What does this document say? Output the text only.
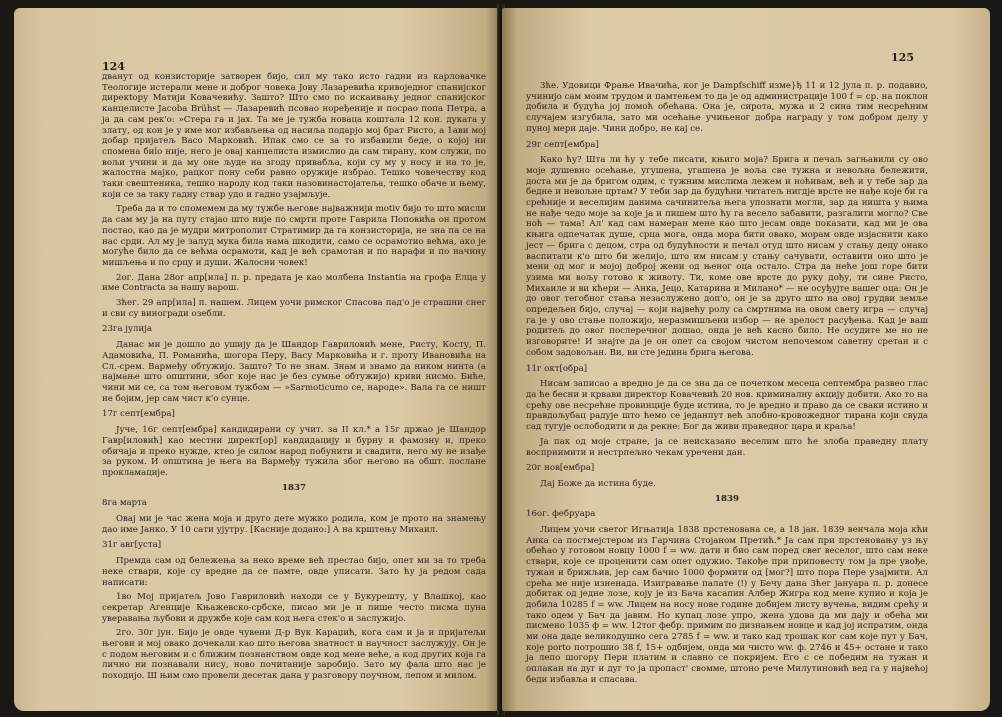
124

дванут од конзисторије затворен бијо, сил му тако исто гадни из карловачке Теологије истерали мене и доброг човека Јову Лазаревића кривоједног спанијског дирекtору Матији Ковачевићу. Зашто? Што смо по искаивању једног спанијског канцелисте Jacoba Brühst — Лазаревић псовао ноређеније и посрао попа Петра, а ја да сам рек'о: »Стера га и јах. Та ме је тужба новаца коштала 12 кон. дуката у злату, од кон је у име мог избављења од насиља подарјо мој брат Ристо, а 1ави мој добар пријатељ Васо Марковић. Ипак смо се за то избавили беде, о којој ни спомена биlo није, него је овај канцелиста измислио да сам тирану, ком служи, по вољи учини и да му оне људе на згоду привабља, који су му у носу и на то је, жалостна мајко, рацког пону себи равно оружије избрао. Тешко човечеству код таки свештеника, тешко народу код таки назовинастојатеља, тешко обаче и њему, који се за таку гадну ствар удо и гадно узајмљује.

Треба да и то спомемем да му тужбе његове најважнији motiv бијо то што мисли да сам му ја на путу стајао што није по смрти проте Гаврила Поповића он протом постао, као да је мудри митрополит Стратимир да га конзисторија, не зна па се на нас срди. Ал му је залуд мука била нама шкодити, само се осрамотио већма, ако је могуће било да се већма осрамоти, кад је већ срамотан и по нарафи и по начину мишљења и по срцу и души. Жалосни човек!

2ог. Дана 28ог апр[ила] п. р. предата је као молбена Instantia на грофа Елца у име Contracta за нашу варош.

3ћег. 29 апр[ила] п. нашем. Лицем уочи римског Спасова пад'о је страшни снег и сви су виногради озебли.

23га јулија

Данас ми је дошло до ушију да је Шандор Гавриловић мене, Ристу, Косту, П. Адамовића, П. Романића, шогора Перу, Васу Марковића и г. проту Ивановића на Сл.-срем. Вармеђу обтужијо. Зашто? То не знам. Знам и знамо да ником нинта (а најмање што општини, због које нас је без сумње обтужијо) криви нисмо. Биће, чини ми се, са том његовом тужбом — »Sarmoticumo се, народе». Вала га се ништ не бојим, јер сам чист к'о сунце.

17г септ[ембра]

Јуче, 16г септ[ембра] кандидирани су учит. за II кл.* а 15г држао је Шандор Гавр[иловић] као местни директ[ор] кандидацију и бурну и фамозну и, преко обичаја и преко нужде, ктео је силом народ побунити и свадити, него му не изађе за руком. И општина је њега на Вармеђу тужила због његово на обшт. послане прокламације.

1837

8га марта

Овај ми је час жена моја и друго дете мужко родила, ком је прото на знамењу дао име Јанко. У 10 сати ујутру. [Касније додано:] А на крштењу Михаил.

31г авг[уста]

Премда сам од бележења за нeко време већ престао бијо, опет ми за то треба неке ствари, које су вредне да се памте, овде уписати. Зато ћу ја редом сада написати:

1во Мој пријатељ Јово Гавриловић находи се у Букурешту, у Влашкој, као секретар Агенције Књажевско-србске, писао ми је и пише често писма пуна уверавања љубови и дружбе које сам код њега стек'о и заслужијо.

2го. 30г јун. Бијо је овде чувени Д-р Вук Караџић, кога сам и ја и пријатељи његови и мој овако дочекали као што његова знатност и научност заслужују. Он је с подом његовим и с ближим познанством овде код мене веће, а код других која га лично ни познавали нису, ново почитаније заробијо. Зато му фала што нас је походијо. Ш њим смо провели десетак дана у разговору поучном, лепом и милом.

125

3ће. Удовици Фрање Ивачића, ког је Dampfschiff изме}ђ 11 и 12 јула п. р. подавио, учинијо сам моим трудом и памтењем то да је од администрације 100 f = ср. на поклон добила и будућа јој помоћ обећана. Она је, сирота, мужа и 2 сина тим несрећним случајем изгубила, зато ми осећање учињеног добра награду у том добром делу у пуној мери даје. Чини добро, не кај се.

29г септ[ембра]

Како ћу? Шта ли ћу у тебе писати, књиго моја? Брига и печаљ загњавили су ово моје душевно осећање, угушена, угашена је воља све тужна и невољна бележити, доста ми је да бригом одим, с тужним мислима лежем и ноћивам, већ и у тебе зар да бедне и невољне цртам? У теби зар да будућни читатељ нигдје врсте не нађе које би га срећније и веселијим данима сачинитеља њега упознати могли, зар да ништа у њима не нађе чедо моје за које ја и пишем што ћу га весело забавити, разгалити могло? Све ноћ — тама! Ал' кад сам намеран мене као што јесам овде показати, кад ми је ова књига одпечатак душе, срца мога, онда мора бити овако, морам овде изјаснити како јест — брига с децом, стра од будућности и печал отуд што нисам у стању децу онако васпитати к'о што би желијо, што им нисам у стању сачувати, оставити оно што је мени од мог и мојој доброј жени од њеног оца остало. Стра да неће још горе бити узима ми вољу готово к животу. Ти, коме ове врсте до руку дођу, ти сине Ристо, Михаиле и ви кћери — Анка, Јецо, Катарина и Милано* — не осуђујте вашег оца: Он је до овог тегобног стања незаслужено доп'о, он је за друго што на овој грудви земље опредељен бијо, случај — који највећу ролу са смртнима на овом свету игра — случај га је у ово стање положијо, неразмишљени избор — не зрелост расуђења. Кад је ваш родитељ до овог послеречног дошао, онда је већ касно било. Не осудите ме но не изговорите! И знајте да је он опет са својом чистом непочемом саветну сретан и с собом задовољан. Ви, ви сте једина брига његова.

11г окт[обра]

Нисам записао а вредно је да се зна да се почетком месеца септембра развео глас да ће бесни и крвави директор Ковачевић 20 нов. криминалну акцију добити. Ако то на срећу ове несрећне провинције буде истина, то је вредно и право да се сваки истино и правдољубац радује што ћемо се једанпут већ злобно-кровожедног тирана који свуда сад тугује ослободити и да рекне: Бог да живи праведног цара и краља!

Ја пак од моје стране, ја се неисказано веселим што ће злоба праведну плату восприимити и нестрпељно чекам уречени дан.

20г нов[ембра]

Дај Боже да истина буде.

1839

16ог. фебруара

Лицем уочи светог Игњатија 1838 прстенована се, а 18 јан. 1839 венчала моја кћи Анка са постмејстером из Гарчина Стојаном Претић.* Ја сам при прстеновању уз њу обећао у готовом новцу 1000 f = ww. дати и био сам поред свег веселог, што сам неке ствари, које се проценити сам опет одужио. Такође при приповесту том ја пре увође, тужан и брижљив, јер сам бачио 1000 формити од [мог?] што пора Пере узајмити. Ал срећа ме није изненада. Изигравање палате (!) у Бечу дана 3ћег јануара п. р. донесе добитак од једне лозе, коју је из Бача касапин Албер Жигра код мене купио и која је добила 10285 f = ww. Лицем на носу нове године добијем листу вучења, видим срећу и тако одем у Бач да јавим. Но купац лозе упро, жена удова да ми дају и обећа ми писмено 1035 ф = ww. 12тог фебр. примим по дизнањем новце и кад јој испратим, онда ми она даде великодушно сега 2785 f = ww. и тако кад трошак ког сам које пут у Бач, које porto потрошио 38 f, 15+ одбијем, онда ми чисто ww. ф. 2746 и 45+ остане и тако ја лепо шогору Пери платим и славно се покријем. Его с се победим на тужан и оплакан на дуг и дуг то ја пропаст' свомме, штоно рече Милутиновић вед га у највећој беди избавља и спасава.
